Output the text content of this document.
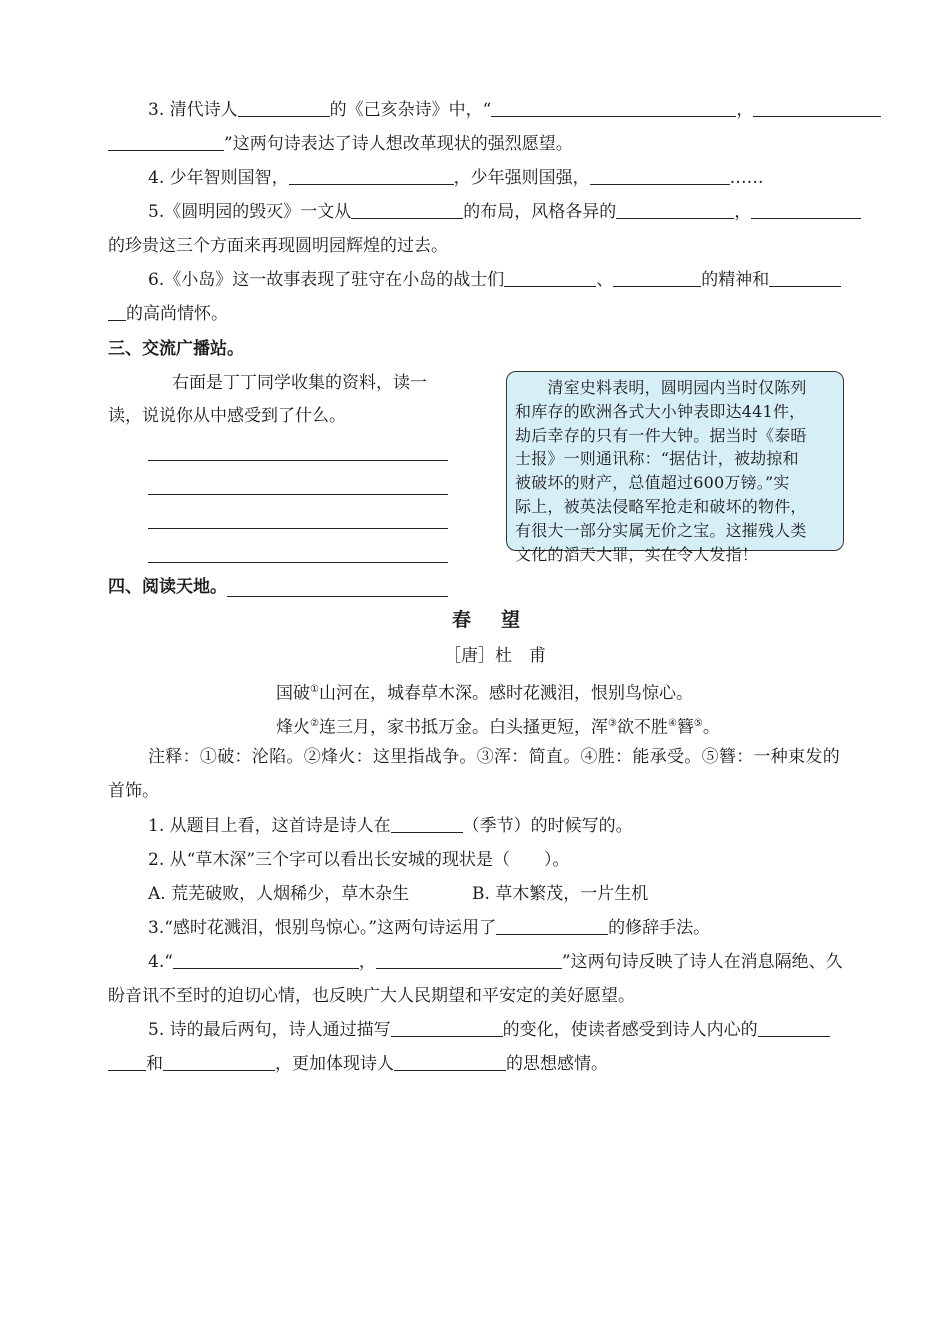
3. 清代诗人	的《己亥杂诗》中，“	，
”这两句诗表达了诗人想改革现状的强烈愿望。
4. 少年智则国智，	，少年强则国强，	……
5.《圆明园的毁灭》一文从	的布局，风格各异的	，
的珍贵这三个方面来再现圆明园辉煌的过去。
6.《小岛》这一故事表现了驻守在小岛的战士们	、	的精神和
的高尚情怀。
三、交流广播站。
右面是丁丁同学收集的资料，读一
读，说说你从中感受到了什么。
　　清室史料表明，圆明园内当时仅陈列
和库存的欧洲各式大小钟表即达441件，
劫后幸存的只有一件大钟。据当时《泰晤
士报》一则通讯称：“据估计，被劫掠和
被破坏的财产，总值超过600万镑。”实
际上，被英法侵略军抢走和破坏的物件，
有很大一部分实属无价之宝。这摧残人类
文化的滔天大罪，实在令人发指！
四、阅读天地。
春望
［唐］杜　甫
国破①山河在，城春草木深。感时花溅泪，恨别鸟惊心。
烽火②连三月，家书抵万金。白头搔更短，浑③欲不胜④簪⑤。
注释：①破：沦陷。②烽火：这里指战争。③浑：简直。④胜：能承受。⑤簪：一种束发的
首饰。
1. 从题目上看，这首诗是诗人在	（季节）的时候写的。
2. 从“草木深”三个字可以看出长安城的现状是（　　）。
A. 荒芜破败，人烟稀少，草木杂生	B. 草木繁茂，一片生机
3.“感时花溅泪，恨别鸟惊心。”这两句诗运用了	的修辞手法。
4.“	，	”这两句诗反映了诗人在消息隔绝、久
盼音讯不至时的迫切心情，也反映广大人民期望和平安定的美好愿望。
5. 诗的最后两句，诗人通过描写	的变化，使读者感受到诗人内心的
和	，更加体现诗人	的思想感情。
